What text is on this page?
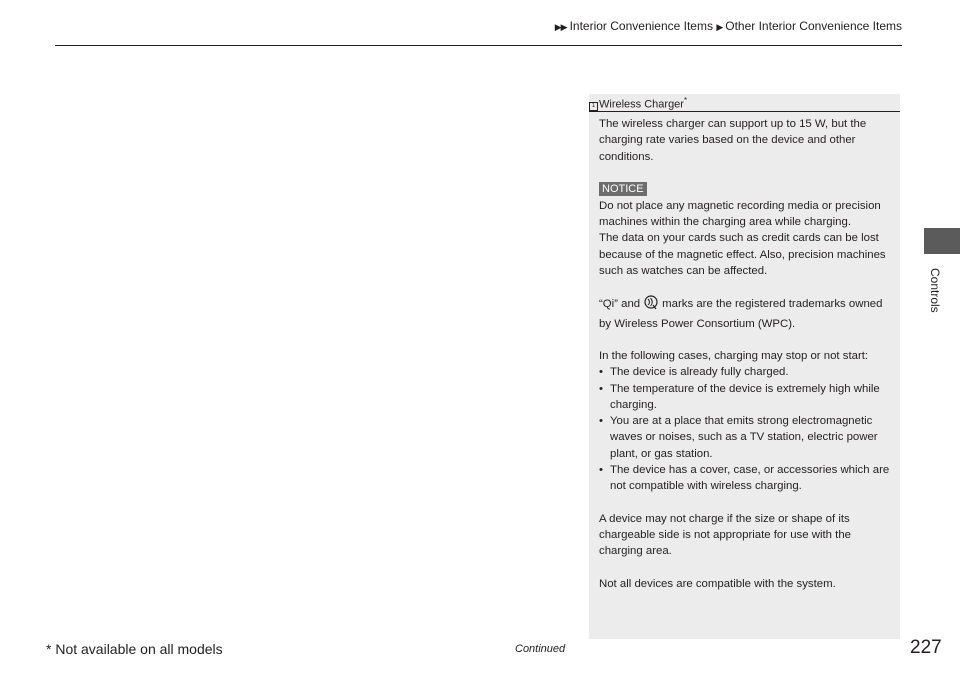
▶▶ Interior Convenience Items ▶ Other Interior Convenience Items
Controls
1 Wireless Charger*

The wireless charger can support up to 15 W, but the charging rate varies based on the device and other conditions.

NOTICE

Do not place any magnetic recording media or precision machines within the charging area while charging.

The data on your cards such as credit cards can be lost because of the magnetic effect. Also, precision machines such as watches can be affected.

“Qi” and marks are the registered trademarks owned by Wireless Power Consortium (WPC).

In the following cases, charging may stop or not start:

• The device is already fully charged.
• The temperature of the device is extremely high while charging.
• You are at a place that emits strong electromagnetic waves or noises, such as a TV station, electric power plant, or gas station.
• The device has a cover, case, or accessories which are not compatible with wireless charging.

A device may not charge if the size or shape of its chargeable side is not appropriate for use with the charging area.

Not all devices are compatible with the system.

* Not available on all models	Continued	227
